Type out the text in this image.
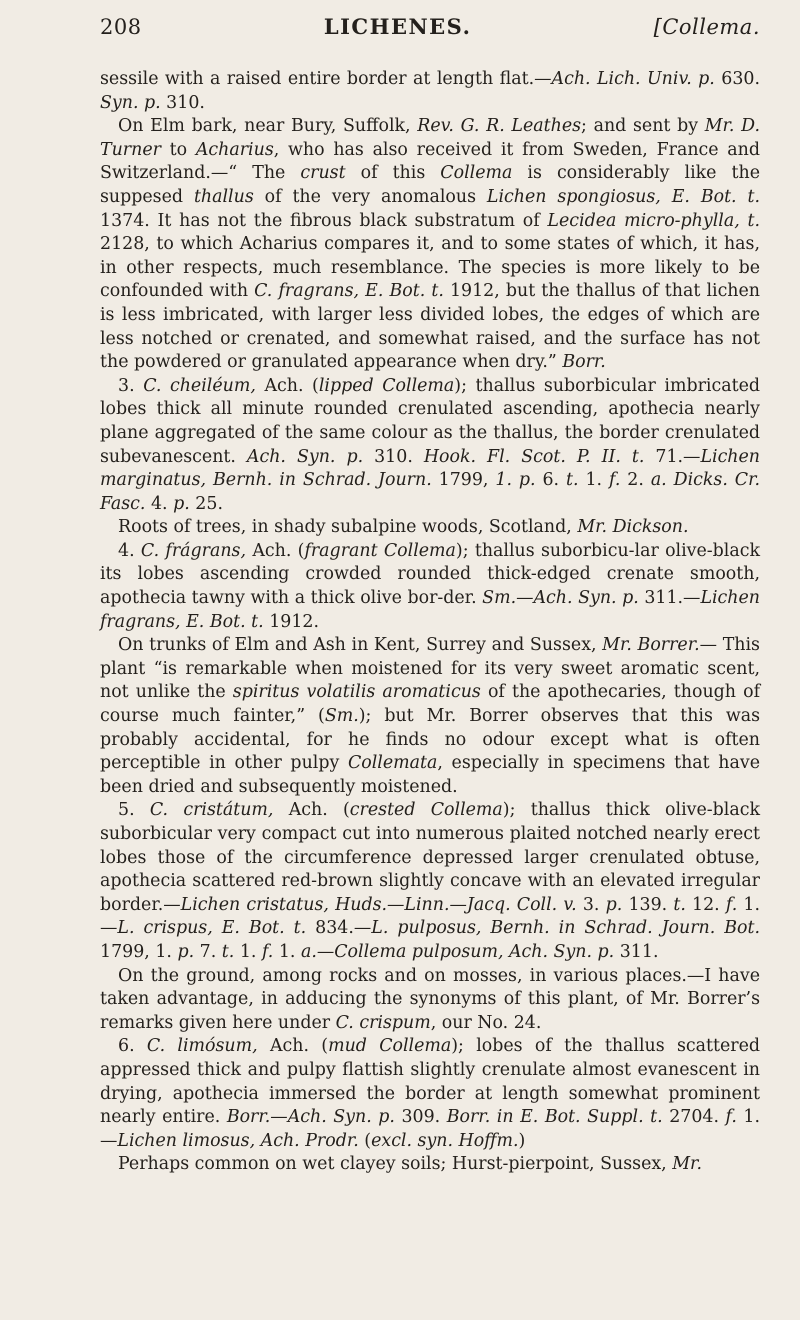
208	LICHENES.	[Collema.

sessile with a raised entire border at length flat.—Ach. Lich. Univ. p. 630. Syn. p. 310.

On Elm bark, near Bury, Suffolk, Rev. G. R. Leathes; and sent by Mr. D. Turner to Acharius, who has also received it from Sweden, France and Switzerland.—“ The crust of this Collema is considerably like the suppesed thallus of the very anomalous Lichen spongiosus, E. Bot. t. 1374. It has not the fibrous black substratum of Lecidea micro-phylla, t. 2128, to which Acharius compares it, and to some states of which, it has, in other respects, much resemblance. The species is more likely to be confounded with C. fragrans, E. Bot. t. 1912, but the thallus of that lichen is less imbricated, with larger less divided lobes, the edges of which are less notched or crenated, and somewhat raised, and the surface has not the powdered or granulated appearance when dry.” Borr.

3. C. cheiléum, Ach. (lipped Collema); thallus suborbicular imbricated lobes thick all minute rounded crenulated ascending, apothecia nearly plane aggregated of the same colour as the thallus, the border crenulated subevanescent. Ach. Syn. p. 310. Hook. Fl. Scot. P. II. t. 71.—Lichen marginatus, Bernh. in Schrad. Journ. 1799, 1. p. 6. t. 1. f. 2. a. Dicks. Cr. Fasc. 4. p. 25.

Roots of trees, in shady subalpine woods, Scotland, Mr. Dickson.

4. C. frágrans, Ach. (fragrant Collema); thallus suborbicu-lar olive-black its lobes ascending crowded rounded thick-edged crenate smooth, apothecia tawny with a thick olive bor-der. Sm.—Ach. Syn. p. 311.—Lichen fragrans, E. Bot. t. 1912.

On trunks of Elm and Ash in Kent, Surrey and Sussex, Mr. Borrer.— This plant “is remarkable when moistened for its very sweet aromatic scent, not unlike the spiritus volatilis aromaticus of the apothecaries, though of course much fainter,” (Sm.); but Mr. Borrer observes that this was probably accidental, for he finds no odour except what is often perceptible in other pulpy Collemata, especially in specimens that have been dried and subsequently moistened.

5. C. cristátum, Ach. (crested Collema); thallus thick olive-black suborbicular very compact cut into numerous plaited notched nearly erect lobes those of the circumference depressed larger crenulated obtuse, apothecia scattered red-brown slightly concave with an elevated irregular border.—Lichen cristatus, Huds.—Linn.—Jacq. Coll. v. 3. p. 139. t. 12. f. 1.—L. crispus, E. Bot. t. 834.—L. pulposus, Bernh. in Schrad. Journ. Bot. 1799, 1. p. 7. t. 1. f. 1. a.—Collema pulposum, Ach. Syn. p. 311.

On the ground, among rocks and on mosses, in various places.—I have taken advantage, in adducing the synonyms of this plant, of Mr. Borrer’s remarks given here under C. crispum, our No. 24.

6. C. limósum, Ach. (mud Collema); lobes of the thallus scattered appressed thick and pulpy flattish slightly crenulate almost evanescent in drying, apothecia immersed the border at length somewhat prominent nearly entire. Borr.—Ach. Syn. p. 309. Borr. in E. Bot. Suppl. t. 2704. f. 1.—Lichen limosus, Ach. Prodr. (excl. syn. Hoffm.)

Perhaps common on wet clayey soils; Hurst-pierpoint, Sussex, Mr.
